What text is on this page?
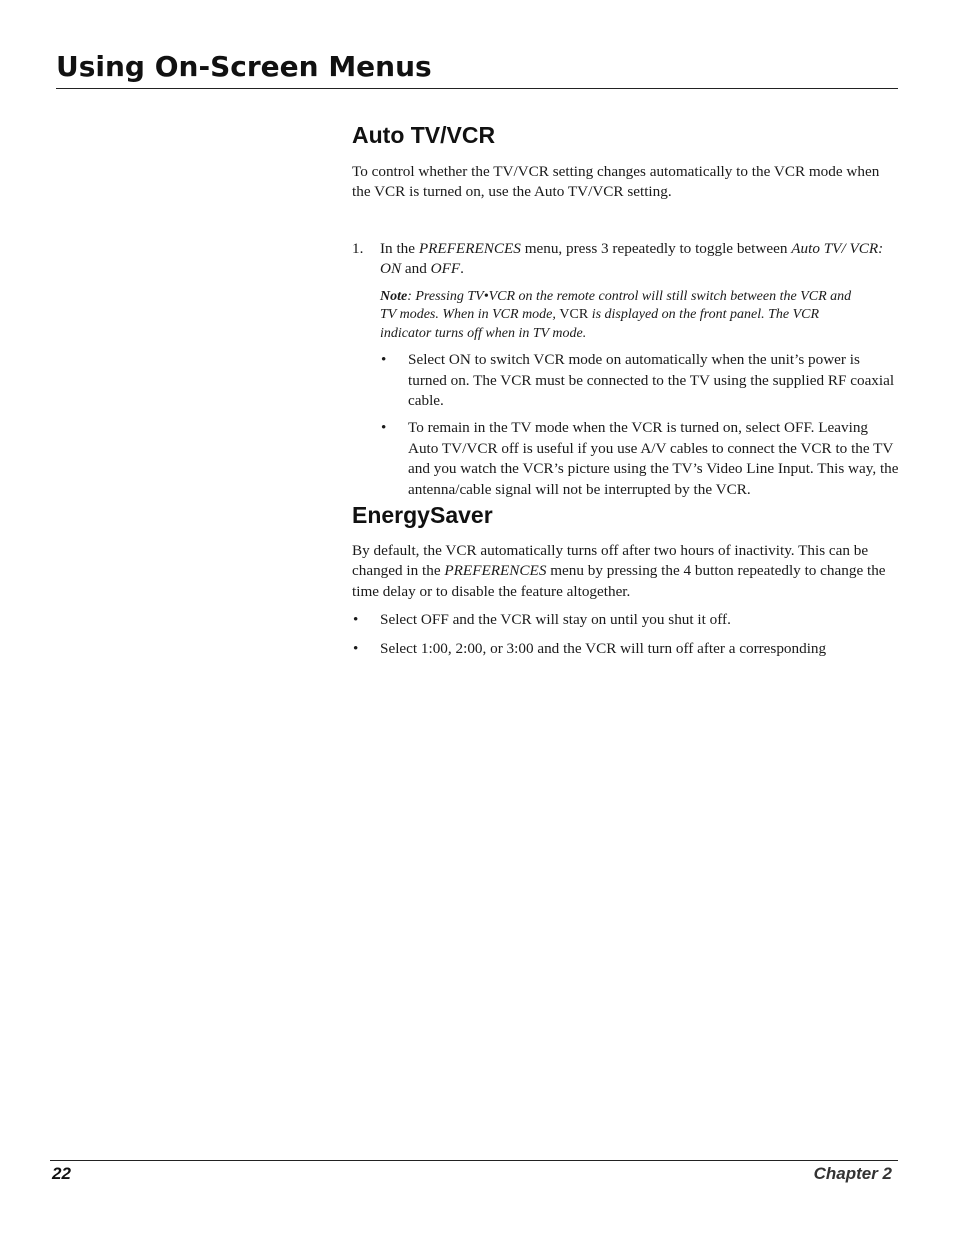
Using On-Screen Menus
Auto TV/VCR

To control whether the TV/VCR setting changes automatically to the VCR mode when the VCR is turned on, use the Auto TV/VCR setting.

1.	In the PREFERENCES menu, press 3 repeatedly to toggle between Auto TV/ VCR: ON and OFF.

Note: Pressing TV•VCR on the remote control will still switch between the VCR and TV modes. When in VCR mode, VCR is displayed on the front panel. The VCR indicator turns off when in TV mode.

•	Select ON to switch VCR mode on automatically when the unit’s power is turned on. The VCR must be connected to the TV using the supplied RF coaxial cable.
•	To remain in the TV mode when the VCR is turned on, select OFF. Leaving Auto TV/VCR off is useful if you use A/V cables to connect the VCR to the TV and you watch the VCR’s picture using the TV’s Video Line Input. This way, the antenna/cable signal will not be interrupted by the VCR.
EnergySaver

By default, the VCR automatically turns off after two hours of inactivity. This can be changed in the PREFERENCES menu by pressing the 4 button repeatedly to change the time delay or to disable the feature altogether.

•	Select OFF and the VCR will stay on until you shut it off.
•	Select 1:00, 2:00, or 3:00 and the VCR will turn off after a corresponding
22	Chapter 2
